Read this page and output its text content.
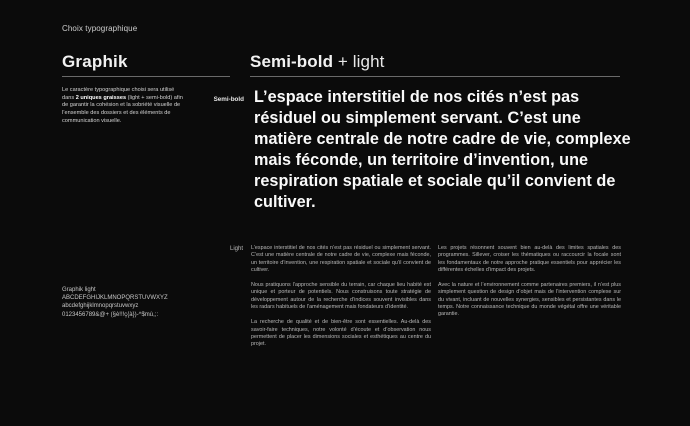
Choix typographique
Graphik	Semi-bold + light
Le caractère typographique choisi sera utilisé dans 2 uniques graisses (light + semi-bold) afin de garantir la cohésion et la sobriété visuelle de l’ensemble des dossiers et des éléments de communication visuelle.
Semi-bold L’espace interstitiel de nos cités n’est pas résiduel ou simplement servant. C’est une matière centrale de notre cadre de vie, complexe mais féconde, un territoire d’invention, une respiration spatiale et sociale qu’il convient de cultiver.
Light L’espace interstitiel de nos cités n’est pas résiduel ou simplement servant. C’est une matière centrale de notre cadre de vie, complexe mais féconde, un territoire d’invention, une respiration spatiale et sociale qu’il convient de cultiver.

Nous pratiquons l’approche sensible du terrain, car chaque lieu habité est unique et porteur de potentiels. Nous construisons toute stratégie de développement autour de la recherche d’indices souvent invisibles dans les radars habituels de l’aménagement mais fondateurs d’identité.

La recherche de qualité et de bien-être sont essentielles. Au-delà des savoir-faire techniques, notre volonté d’écoute et d’observation nous permettent de placer les dimensions sociales et esthétiques au centre du projet.

Les projets résonnent souvent bien au-delà des limites spatiales des programmes. Sillever, croiser les thématiques ou raccourcir la focale sont les fondamentaux de notre approche pratique essentiels pour apprécier les différentes échelles d’impact des projets.

Avec la nature et l’environnement comme partenaires premiers, il n’est plus simplement question de design d’objet mais de l’intervention complexe sur du vivant, incluant de nouvelles synergies, sensibles et persistantes dans le temps. Notre connaissance technique du monde végétal offre une véritable garantie.

Graphik light
ABCDEFGHIJKLMNOPQRSTUVWXYZ
abcdefghijklmnopqrstuvwxyz
0123456789&@+ (§è!!!ç{à})-^$mù,;:
